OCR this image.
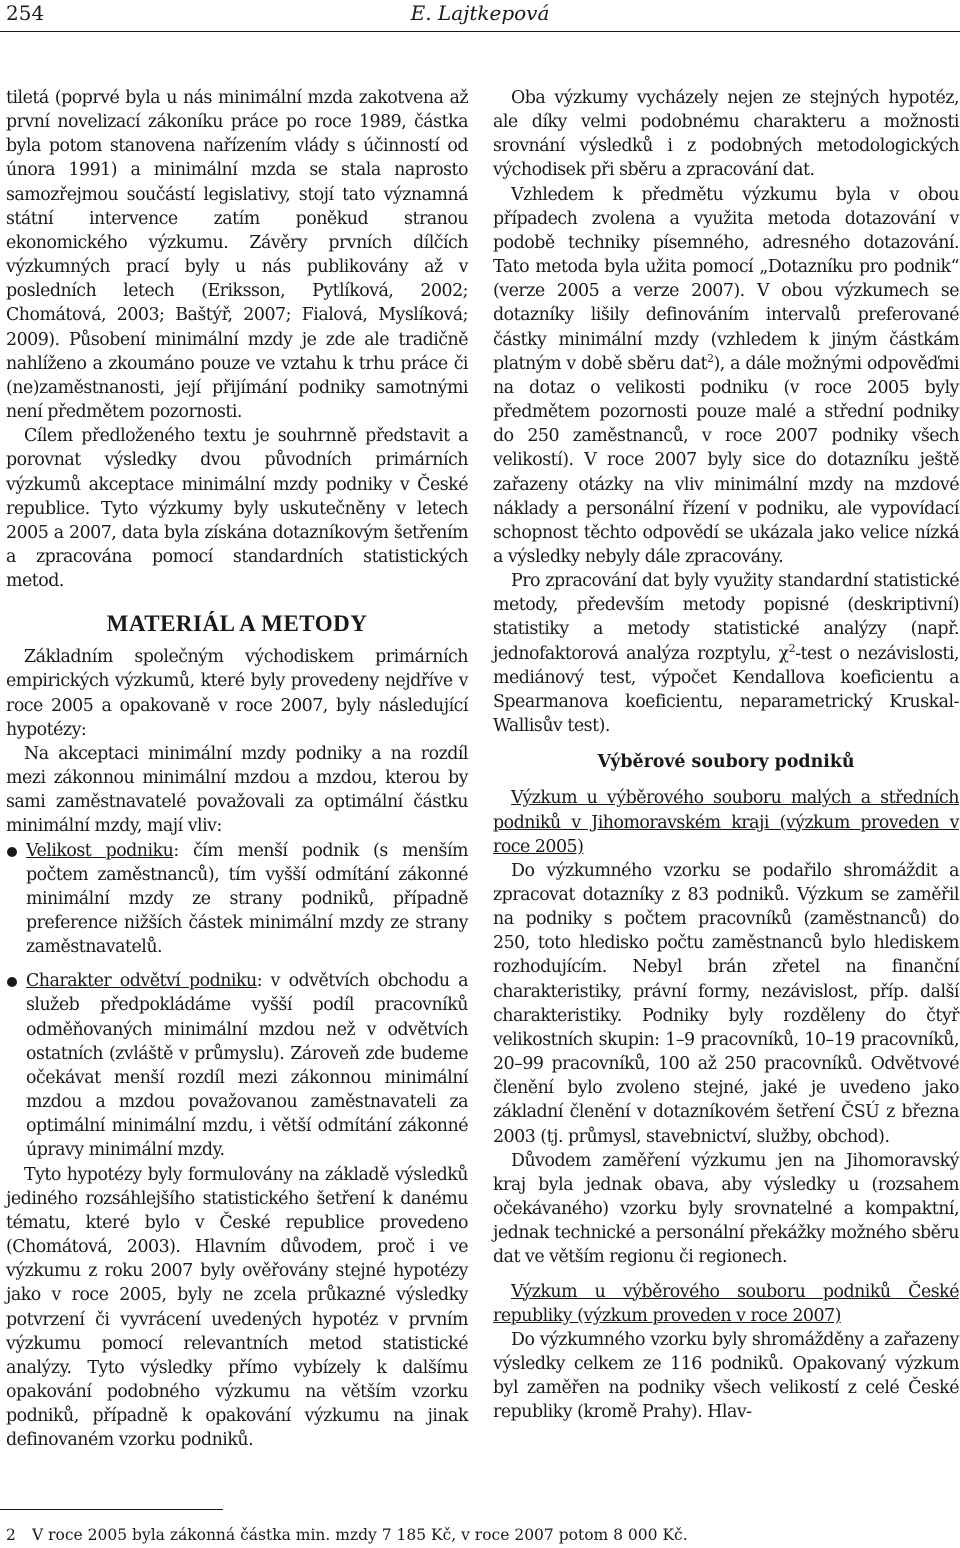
254	E. Lajtkepová

tiletá (poprvé byla u nás minimální mzda zakotvena až první novelizací zákoníku práce po roce 1989, částka byla potom stanovena nařízením vlády s účinností od února 1991) a minimální mzda se stala naprosto samozřejmou součástí legislativy, stojí tato významná státní intervence zatím poněkud stranou ekonomického výzkumu. Závěry prvních dílčích výzkumných prací byly u nás publikovány až v posledních letech (Eriksson, Pytlíková, 2002; Chomátová, 2003; Baštýř, 2007; Fialová, Myslíková; 2009). Působení minimální mzdy je zde ale tradičně nahlíženo a zkoumáno pouze ve vztahu k trhu práce či (ne)zaměstnanosti, její přijímání podniky samotnými není předmětem pozornosti.

Cílem předloženého textu je souhrnně představit a porovnat výsledky dvou původních primárních výzkumů akceptace minimální mzdy podniky v České republice. Tyto výzkumy byly uskutečněny v letech 2005 a 2007, data byla získána dotazníkovým šetřením a zpracována pomocí standardních statistických metod.

MATERIÁL A METODY

Základním společným východiskem primárních empirických výzkumů, které byly provedeny nejdříve v roce 2005 a opakovaně v roce 2007, byly následující hypotézy:

Na akceptaci minimální mzdy podniky a na rozdíl mezi zákonnou minimální mzdou a mzdou, kterou by sami zaměstnavatelé považovali za optimální částku minimální mzdy, mají vliv:

Velikost podniku: čím menší podnik (s menším počtem zaměstnanců), tím vyšší odmítání zákonné minimální mzdy ze strany podniků, případně preference nižších částek minimální mzdy ze strany zaměstnavatelů.

Charakter odvětví podniku: v odvětvích obchodu a služeb předpokládáme vyšší podíl pracovníků odměňovaných minimální mzdou než v odvětvích ostatních (zvláště v průmyslu). Zároveň zde budeme očekávat menší rozdíl mezi zákonnou minimální mzdou a mzdou považovanou zaměstnavateli za optimální minimální mzdu, i větší odmítání zákonné úpravy minimální mzdy.

Tyto hypotézy byly formulovány na základě výsledků jediného rozsáhlejšího statistického šetření k danému tématu, které bylo v České republice provedeno (Chomátová, 2003). Hlavním důvodem, proč i ve výzkumu z roku 2007 byly ověřovány stejné hypotézy jako v roce 2005, byly ne zcela průkazné výsledky potvrzení či vyvrácení uvedených hypotéz v prvním výzkumu pomocí relevantních metod statistické analýzy. Tyto výsledky přímo vybízely k dalšímu opakování podobného výzkumu na větším vzorku podniků, případně k opakování výzkumu na jinak definovaném vzorku podniků.

Oba výzkumy vycházely nejen ze stejných hypotéz, ale díky velmi podobnému charakteru a možnosti srovnání výsledků i z podobných metodologických východisek při sběru a zpracování dat.

Vzhledem k předmětu výzkumu byla v obou případech zvolena a využita metoda dotazování v podobě techniky písemného, adresného dotazování. Tato metoda byla užita pomocí „Dotazníku pro podnik“ (verze 2005 a verze 2007). V obou výzkumech se dotazníky lišily definováním intervalů preferované částky minimální mzdy (vzhledem k jiným částkám platným v době sběru dat$^2$), a dále možnými odpověďmi na dotaz o velikosti podniku (v roce 2005 byly předmětem pozornosti pouze malé a střední podniky do 250 zaměstnanců, v roce 2007 podniky všech velikostí). V roce 2007 byly sice do dotazníku ještě zařazeny otázky na vliv minimální mzdy na mzdové náklady a personální řízení v podniku, ale vypovídací schopnost těchto odpovědí se ukázala jako velice nízká a výsledky nebyly dále zpracovány.

Pro zpracování dat byly využity standardní statistické metody, především metody popisné (deskriptivní) statistiky a metody statistické analýzy (např. jednofaktorová analýza rozptylu, $\chi^2$-test o nezávislosti, mediánový test, výpočet Kendallova koeficientu a Spearmanova koeficientu, neparametrický Kruskal-Wallisův test).

Výběrové soubory podniků

Výzkum u výběrového souboru malých a středních podniků v Jihomoravském kraji (výzkum proveden v roce 2005)

Do výzkumného vzorku se podařilo shromáždit a zpracovat dotazníky z 83 podniků. Výzkum se zaměřil na podniky s počtem pracovníků (zaměstnanců) do 250, toto hledisko počtu zaměstnanců bylo hlediskem rozhodujícím. Nebyl brán zřetel na finanční charakteristiky, právní formy, nezávislost, příp. další charakteristiky. Podniky byly rozděleny do čtyř velikostních skupin: 1–9 pracovníků, 10–19 pracovníků, 20–99 pracovníků, 100 až 250 pracovníků. Odvětvové členění bylo zvoleno stejné, jaké je uvedeno jako základní členění v dotazníkovém šetření ČSÚ z března 2003 (tj. průmysl, stavebnictví, služby, obchod).

Důvodem zaměření výzkumu jen na Jihomoravský kraj byla jednak obava, aby výsledky u (rozsahem očekávaného) vzorku byly srovnatelné a kompaktní, jednak technické a personální překážky možného sběru dat ve větším regionu či regionech.

Výzkum u výběrového souboru podniků České republiky (výzkum proveden v roce 2007)

Do výzkumného vzorku byly shromážděny a zařazeny výsledky celkem ze 116 podniků. Opakovaný výzkum byl zaměřen na podniky všech velikostí z celé České republiky (kromě Prahy). Hlav-

2 V roce 2005 byla zákonná částka min. mzdy 7 185 Kč, v roce 2007 potom 8 000 Kč.
